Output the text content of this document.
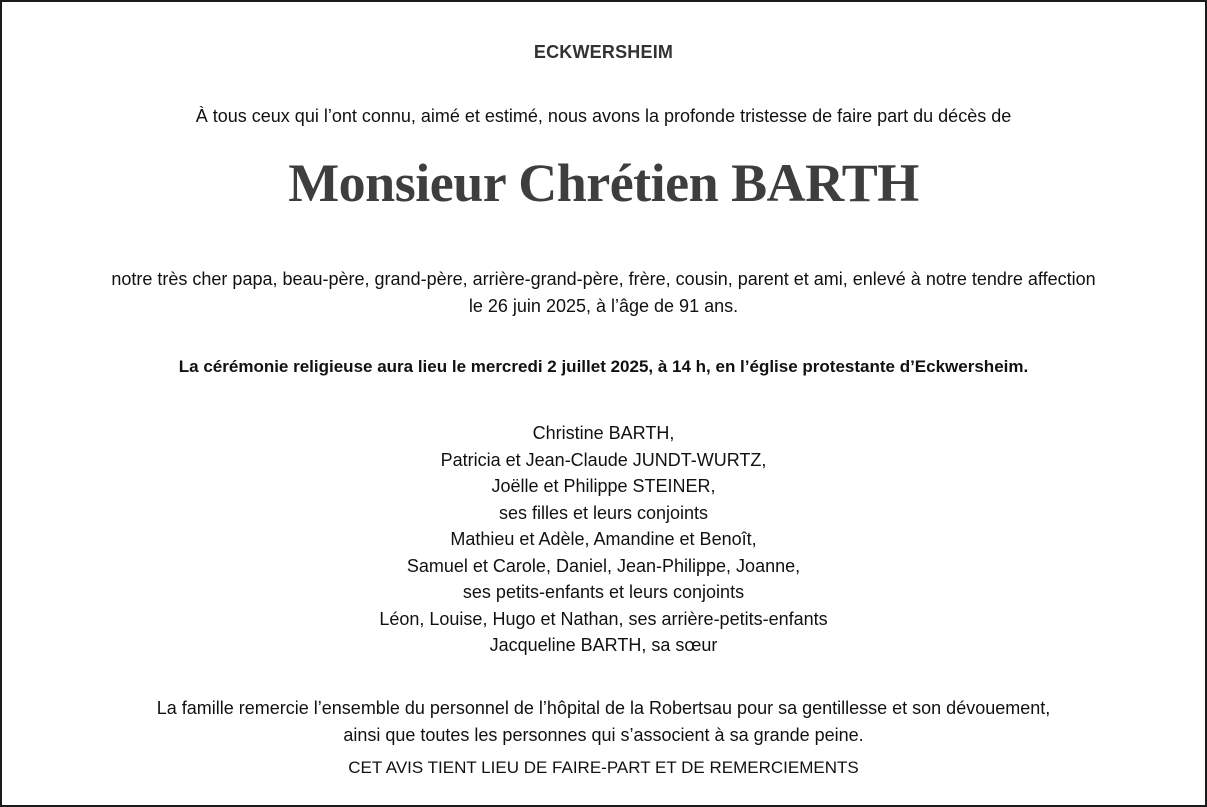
ECKWERSHEIM
À tous ceux qui l’ont connu, aimé et estimé, nous avons la profonde tristesse de faire part du décès de
Monsieur Chrétien BARTH
notre très cher papa, beau-père, grand-père, arrière-grand-père, frère, cousin, parent et ami, enlevé à notre tendre affection
le 26 juin 2025, à l’âge de 91 ans.
La cérémonie religieuse aura lieu le mercredi 2 juillet 2025, à 14 h, en l’église protestante d’Eckwersheim.
Christine BARTH,
Patricia et Jean-Claude JUNDT-WURTZ,
Joëlle et Philippe STEINER,
ses filles et leurs conjoints
Mathieu et Adèle, Amandine et Benoît,
Samuel et Carole, Daniel, Jean-Philippe, Joanne,
ses petits-enfants et leurs conjoints
Léon, Louise, Hugo et Nathan, ses arrière-petits-enfants
Jacqueline BARTH, sa sœur
La famille remercie l’ensemble du personnel de l’hôpital de la Robertsau pour sa gentillesse et son dévouement,
ainsi que toutes les personnes qui s’associent à sa grande peine.
CET AVIS TIENT LIEU DE FAIRE-PART ET DE REMERCIEMENTS
